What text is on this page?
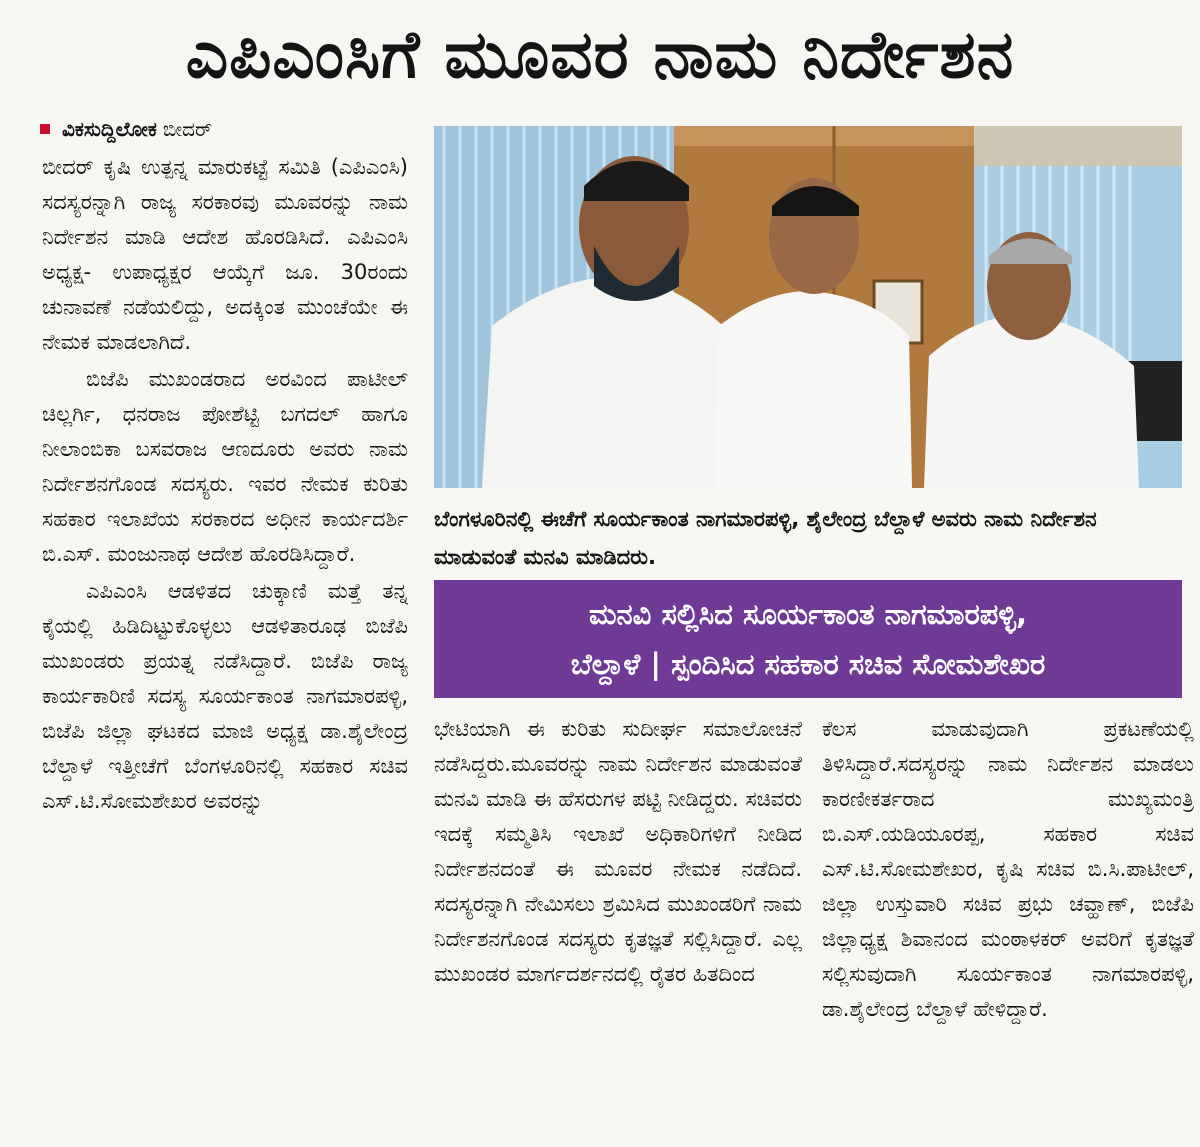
ಎಪಿಎಂಸಿಗೆ ಮೂವರ ನಾಮ ನಿರ್ದೇಶನ
ವಿಕಸುದ್ದಿಲೋಕ ಬೀದರ್

ಬೀದರ್ ಕೃಷಿ ಉತ್ಪನ್ನ ಮಾರುಕಟ್ಟೆ ಸಮಿತಿ (ಎಪಿಎಂಸಿ) ಸದಸ್ಯರನ್ನಾಗಿ ರಾಜ್ಯ ಸರಕಾರವು ಮೂವರನ್ನು ನಾಮ ನಿರ್ದೇಶನ ಮಾಡಿ ಆದೇಶ ಹೊರಡಿಸಿದೆ. ಎಪಿಎಂಸಿ ಅಧ್ಯಕ್ಷ- ಉಪಾಧ್ಯಕ್ಷರ ಆಯ್ಕೆಗೆ ಜೂ. 30ರಂದು ಚುನಾವಣೆ ನಡೆಯಲಿದ್ದು, ಅದಕ್ಕಿಂತ ಮುಂಚೆಯೇ ಈ ನೇಮಕ ಮಾಡಲಾಗಿದೆ.

ಬಿಜೆಪಿ ಮುಖಂಡರಾದ ಅರವಿಂದ ಪಾಟೀಲ್ ಚಿಲ್ಲರ್ಗಿ, ಧನರಾಜ ಪೋಶೆಟ್ಟಿ ಬಗದಲ್ ಹಾಗೂ ನೀಲಾಂಬಿಕಾ ಬಸವರಾಜ ಆಣದೂರು ಅವರು ನಾಮ ನಿರ್ದೇಶನಗೊಂಡ ಸದಸ್ಯರು. ಇವರ ನೇಮಕ ಕುರಿತು ಸಹಕಾರ ಇಲಾಖೆಯ ಸರಕಾರದ ಅಧೀನ ಕಾರ್ಯದರ್ಶಿ ಬಿ.ಎಸ್. ಮಂಜುನಾಥ ಆದೇಶ ಹೊರಡಿಸಿದ್ದಾರೆ.

ಎಪಿಎಂಸಿ ಆಡಳಿತದ ಚುಕ್ಕಾಣಿ ಮತ್ತೆ ತನ್ನ ಕೈಯಲ್ಲಿ ಹಿಡಿದಿಟ್ಟುಕೊಳ್ಳಲು ಆಡಳಿತಾರೂಢ ಬಿಜೆಪಿ ಮುಖಂಡರು ಪ್ರಯತ್ನ ನಡೆಸಿದ್ದಾರೆ. ಬಿಜೆಪಿ ರಾಜ್ಯ ಕಾರ್ಯಕಾರಿಣಿ ಸದಸ್ಯ ಸೂರ್ಯಕಾಂತ ನಾಗಮಾರಪಳ್ಳಿ, ಬಿಜೆಪಿ ಜಿಲ್ಲಾ ಘಟಕದ ಮಾಜಿ ಅಧ್ಯಕ್ಷ ಡಾ.ಶೈಲೇಂದ್ರ ಬೆಲ್ದಾಳೆ ಇತ್ತೀಚೆಗೆ ಬೆಂಗಳೂರಿನಲ್ಲಿ ಸಹಕಾರ ಸಚಿವ ಎಸ್.ಟಿ.ಸೋಮಶೇಖರ ಅವರನ್ನು

ಬೆಂಗಳೂರಿನಲ್ಲಿ ಈಚೆಗೆ ಸೂರ್ಯಕಾಂತ ನಾಗಮಾರಪಳ್ಳಿ, ಶೈಲೇಂದ್ರ ಬೆಲ್ದಾಳೆ ಅವರು ನಾಮ ನಿರ್ದೇಶನ ಮಾಡುವಂತೆ ಮನವಿ ಮಾಡಿದರು.
ಮನವಿ ಸಲ್ಲಿಸಿದ ಸೂರ್ಯಕಾಂತ ನಾಗಮಾರಪಳ್ಳಿ,
ಬೆಲ್ದಾಳೆ | ಸ್ಪಂದಿಸಿದ ಸಹಕಾರ ಸಚಿವ ಸೋಮಶೇಖರ

ಭೇಟಿಯಾಗಿ ಈ ಕುರಿತು ಸುದೀರ್ಘ ಸಮಾಲೋಚನೆ ನಡೆಸಿದ್ದರು.ಮೂವರನ್ನು ನಾಮ ನಿರ್ದೇಶನ ಮಾಡುವಂತೆ ಮನವಿ ಮಾಡಿ ಈ ಹೆಸರುಗಳ ಪಟ್ಟಿ ನೀಡಿದ್ದರು. ಸಚಿವರು ಇದಕ್ಕೆ ಸಮ್ಮತಿಸಿ ಇಲಾಖೆ ಅಧಿಕಾರಿಗಳಿಗೆ ನೀಡಿದ ನಿರ್ದೇಶನದಂತೆ ಈ ಮೂವರ ನೇಮಕ ನಡೆದಿದೆ. ಸದಸ್ಯರನ್ನಾಗಿ ನೇಮಿಸಲು ಶ್ರಮಿಸಿದ ಮುಖಂಡರಿಗೆ ನಾಮ ನಿರ್ದೇಶನಗೊಂಡ ಸದಸ್ಯರು ಕೃತಜ್ಞತೆ ಸಲ್ಲಿಸಿದ್ದಾರೆ. ಎಲ್ಲ ಮುಖಂಡರ ಮಾರ್ಗದರ್ಶನದಲ್ಲಿ ರೈತರ ಹಿತದಿಂದ

ಕೆಲಸ ಮಾಡುವುದಾಗಿ ಪ್ರಕಟಣೆಯಲ್ಲಿ ತಿಳಿಸಿದ್ದಾರೆ.ಸದಸ್ಯರನ್ನು ನಾಮ ನಿರ್ದೇಶನ ಮಾಡಲು ಕಾರಣೀಕರ್ತರಾದ ಮುಖ್ಯಮಂತ್ರಿ ಬಿ.ಎಸ್.ಯಡಿಯೂರಪ್ಪ, ಸಹಕಾರ ಸಚಿವ ಎಸ್.ಟಿ.ಸೋಮಶೇಖರ, ಕೃಷಿ ಸಚಿವ ಬಿ.ಸಿ.ಪಾಟೀಲ್, ಜಿಲ್ಲಾ ಉಸ್ತುವಾರಿ ಸಚಿವ ಪ್ರಭು ಚವ್ಹಾಣ್, ಬಿಜೆಪಿ ಜಿಲ್ಲಾಧ್ಯಕ್ಷ ಶಿವಾನಂದ ಮಂಠಾಳಕರ್ ಅವರಿಗೆ ಕೃತಜ್ಞತೆ ಸಲ್ಲಿಸುವುದಾಗಿ ಸೂರ್ಯಕಾಂತ ನಾಗಮಾರಪಳ್ಳಿ, ಡಾ.ಶೈಲೇಂದ್ರ ಬೆಲ್ದಾಳೆ ಹೇಳಿದ್ದಾರೆ.
